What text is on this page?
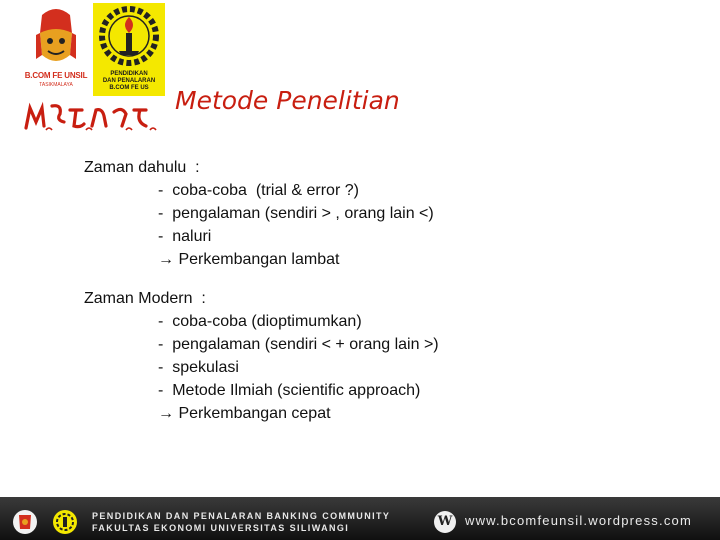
B.COM FE UNSIL
TASIKMALAYA
PENDIDIKAN
DAN PENALARAN
B.COM FE US	Metode Penelitian
Zaman dahulu  :
-  coba-coba  (trial & error ?)
-  pengalaman (sendiri > , orang lain <)
-  naluri
→ Perkembangan lambat
Zaman Modern  :
-  coba-coba (dioptimumkan)
-  pengalaman (sendiri < + orang lain >)
-  spekulasi
-  Metode Ilmiah (scientific approach)
→ Perkembangan cepat
PENDIDIKAN DAN PENALARAN BANKING COMMUNITY
FAKULTAS EKONOMI UNIVERSITAS SILIWANGI	W www.bcomfeunsil.wordpress.com
